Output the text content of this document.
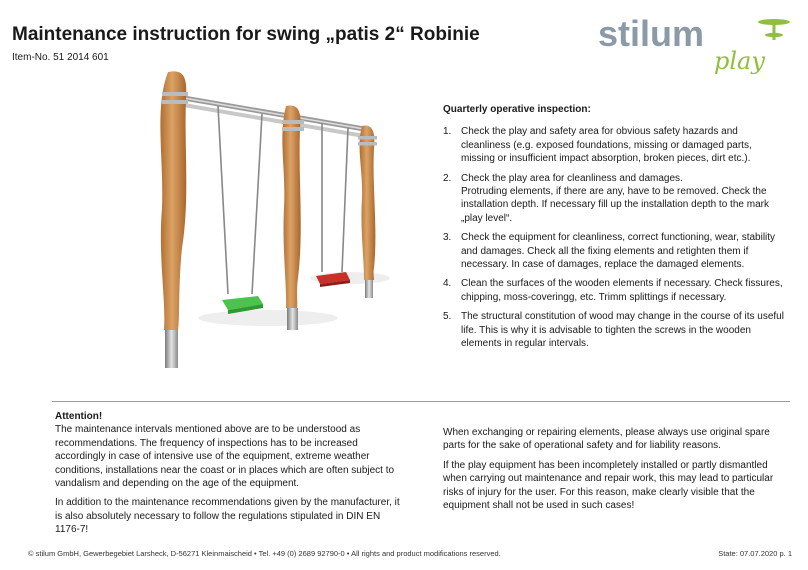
Maintenance instruction for swing „patis 2“ Robinie
Item-No. 51 2014 601
stilum
play
Quarterly operative inspection:
1. Check the play and safety area for obvious safety hazards and cleanliness (e.g. exposed foundations, missing or damaged parts, missing or insufficient impact absorption, broken pieces, dirt etc.).
2. Check the play area for cleanliness and damages.
Protruding elements, if there are any, have to be removed. Check the installation depth. If necessary fill up the installation depth to the mark „play level“.
3. Check the equipment for cleanliness, correct functioning, wear, stability and damages. Check all the fixing elements and retighten them if necessary. In case of damages, replace the damaged elements.
4. Clean the surfaces of the wooden elements if necessary. Check fissures, chipping, moss-coveringg, etc. Trimm splittings if necessary.
5. The structural constitution of wood may change in the course of its useful life. This is why it is advisable to tighten the screws in the wooden elements in regular intervals.
Attention!

The maintenance intervals mentioned above are to be understood as recommendations. The frequency of inspections has to be increased accordingly in case of intensive use of the equipment, extreme weather conditions, installations near the coast or in places which are often subject to vandalism and depending on the age of the equipment.

In addition to the maintenance recommendations given by the manufacturer, it is also absolutely necessary to follow the regulations stipulated in DIN EN 1176-7!

When exchanging or repairing elements, please always use original spare parts for the sake of operational safety and for liability reasons.

If the play equipment has been incompletely installed or partly dismantled when carrying out maintenance and repair work, this may lead to particular risks of injury for the user. For this reason, make clearly visible that the equipment shall not be used in such cases!

© stilum GmbH, Gewerbegebiet Larsheck, D-56271 Kleinmaischeid • Tel. +49 (0) 2689 92790-0 • All rights and product modifications reserved.	State: 07.07.2020 p. 1
